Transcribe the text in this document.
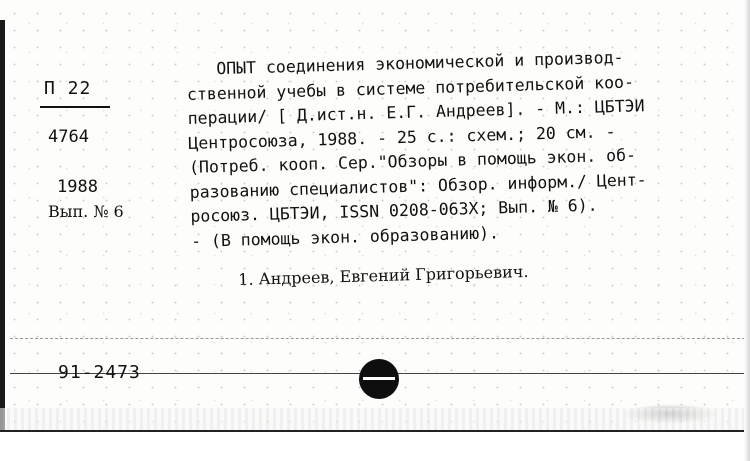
П 22
4764
1988
Вып. № 6

ОПЫТ соединения экономической и производ-

ственной учебы в системе потребительской коо-

перации/ [ Д.ист.н. Е.Г. Андреев]. - М.: ЦБТЭИ

Центросоюза, 1988. - 25 с.: схем.; 20 см. -

(Потреб. кооп. Сер."Обзоры в помощь экон. об-

разованию специалистов": Обзор. информ./ Цент-

росоюз. ЦБТЭИ, ISSN 0208-063X; Вып. № 6).

- (В помощь экон. образованию).

1. Андреев, Евгений Григорьевич.
91-2473
